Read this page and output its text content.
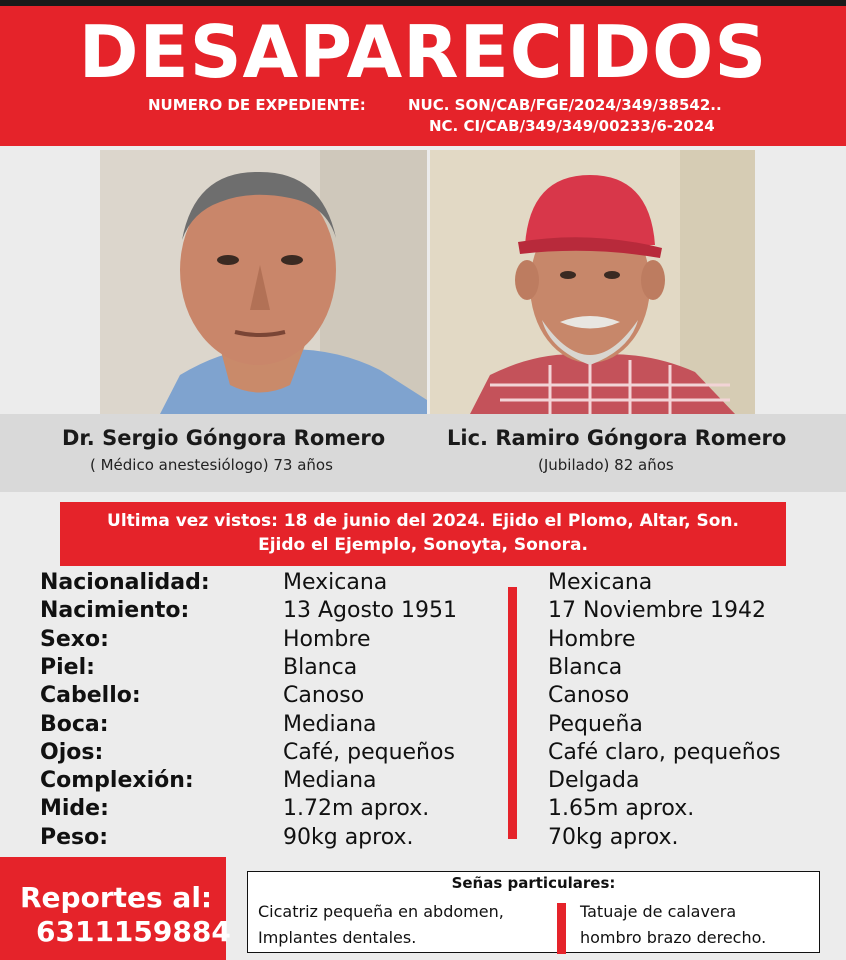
DESAPARECIDOS
NUMERO DE EXPEDIENTE:	NUC. SON/CAB/FGE/2024/349/38542..
NC. CI/CAB/349/349/00233/6-2024
Dr. Sergio Góngora Romero	Lic. Ramiro Góngora Romero
( Médico anestesiólogo) 73 años	(Jubilado) 82 años
Ultima vez vistos: 18 de junio del 2024. Ejido el Plomo, Altar, Son.
Ejido el Ejemplo, Sonoyta, Sonora.
Nacionalidad:	Mexicana	Mexicana
Nacimiento:	13 Agosto 1951	17 Noviembre 1942
Sexo:	Hombre	Hombre
Piel:	Blanca	Blanca
Cabello:	Canoso	Canoso
Boca:	Mediana	Pequeña
Ojos:	Café, pequeños	Café claro, pequeños
Complexión:	Mediana	Delgada
Mide:	1.72m aprox.	1.65m aprox.
Peso:	90kg aprox.	70kg aprox.
Reportes al:
6311159884
Señas particulares:
Cicatriz pequeña en abdomen,
Implantes dentales.
Tatuaje de calavera
hombro brazo derecho.
